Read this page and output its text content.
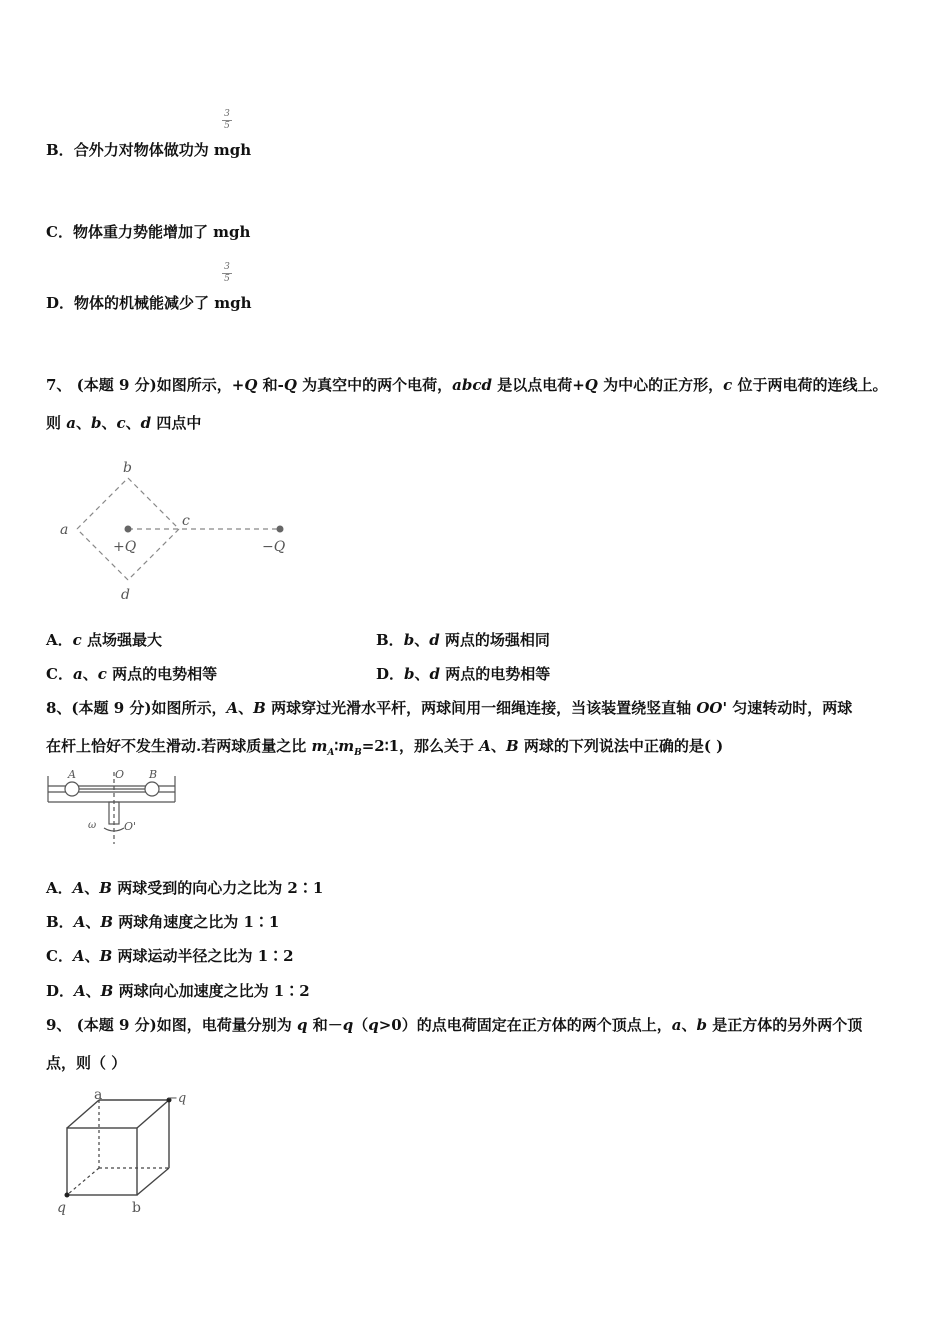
3
5
B．合外力对物体做功为 mgh
C．物体重力势能增加了 mgh
3
5
D．物体的机械能减少了 mgh
7、 (本题 9 分)如图所示，+Q 和-Q 为真空中的两个电荷，abcd 是以点电荷+Q 为中心的正方形，c 位于两电荷的连线上。
则 a、b、c、d 四点中
a
b
c
d
+Q	−Q
A．c 点场强最大	B．b、d 两点的场强相同
C．a、c 两点的电势相等	D．b、d 两点的电势相等
8、(本题 9 分)如图所示，A、B 两球穿过光滑水平杆，两球间用一细绳连接，当该装置绕竖直轴 OO' 匀速转动时，两球
在杆上恰好不发生滑动.若两球质量之比 $m_A∶m_B=2∶1$，那么关于 A、B 两球的下列说法中正确的是( )
A	O B
ω	O'
A．A、B 两球受到的向心力之比为 2∶1
B．A、B 两球角速度之比为 1∶1
C．A、B 两球运动半径之比为 1∶2
D．A、B 两球向心加速度之比为 1∶2
9、 (本题 9 分)如图，电荷量分别为 q 和－q（q>0）的点电荷固定在正方体的两个顶点上，a、b 是正方体的另外两个顶
点，则（ ）
a	−q
q	b
